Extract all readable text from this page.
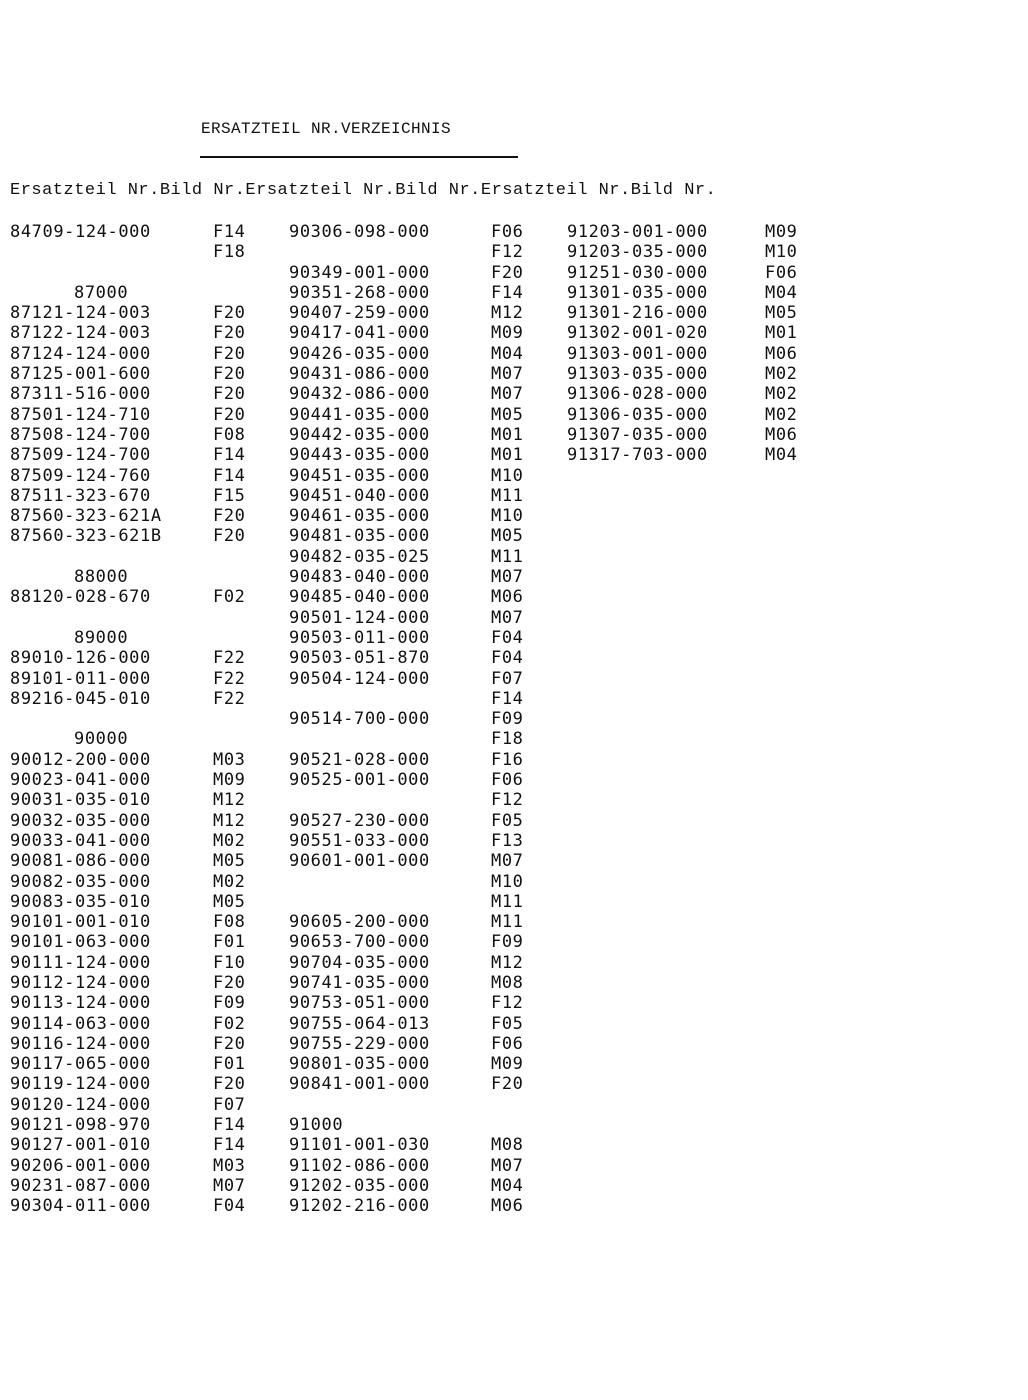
ERSATZTEIL NR.VERZEICHNIS
Ersatzteil Nr.Bild Nr.Ersatzteil Nr.Bild Nr.Ersatzteil Nr.Bild Nr.
84709-124-000	F14
F18
87000
87121-124-003	F20
87122-124-003	F20
87124-124-000	F20
87125-001-600	F20
87311-516-000	F20
87501-124-710	F20
87508-124-700	F08
87509-124-700	F14
87509-124-760	F14
87511-323-670	F15
87560-323-621A	F20
87560-323-621B	F20
88000
88120-028-670	F02
89000
89010-126-000	F22
89101-011-000	F22
89216-045-010	F22
90000
90012-200-000	M03
90023-041-000	M09
90031-035-010	M12
90032-035-000	M12
90033-041-000	M02
90081-086-000	M05
90082-035-000	M02
90083-035-010	M05
90101-001-010	F08
90101-063-000	F01
90111-124-000	F10
90112-124-000	F20
90113-124-000	F09
90114-063-000	F02
90116-124-000	F20
90117-065-000	F01
90119-124-000	F20
90120-124-000	F07
90121-098-970	F14
90127-001-010	F14
90206-001-000	M03
90231-087-000	M07
90304-011-000	F04
90306-098-000	F06
F12
90349-001-000	F20
90351-268-000	F14
90407-259-000	M12
90417-041-000	M09
90426-035-000	M04
90431-086-000	M07
90432-086-000	M07
90441-035-000	M05
90442-035-000	M01
90443-035-000	M01
90451-035-000	M10
90451-040-000	M11
90461-035-000	M10
90481-035-000	M05
90482-035-025	M11
90483-040-000	M07
90485-040-000	M06
90501-124-000	M07
90503-011-000	F04
90503-051-870	F04
90504-124-000	F07
F14
90514-700-000	F09
F18
90521-028-000	F16
90525-001-000	F06
F12
90527-230-000	F05
90551-033-000	F13
90601-001-000	M07
M10
M11
90605-200-000	M11
90653-700-000	F09
90704-035-000	M12
90741-035-000	M08
90753-051-000	F12
90755-064-013	F05
90755-229-000	F06
90801-035-000	M09
90841-001-000	F20
91000
91101-001-030	M08
91102-086-000	M07
91202-035-000	M04
91202-216-000	M06
91203-001-000	M09
91203-035-000	M10
91251-030-000	F06
91301-035-000	M04
91301-216-000	M05
91302-001-020	M01
91303-001-000	M06
91303-035-000	M02
91306-028-000	M02
91306-035-000	M02
91307-035-000	M06
91317-703-000	M04
